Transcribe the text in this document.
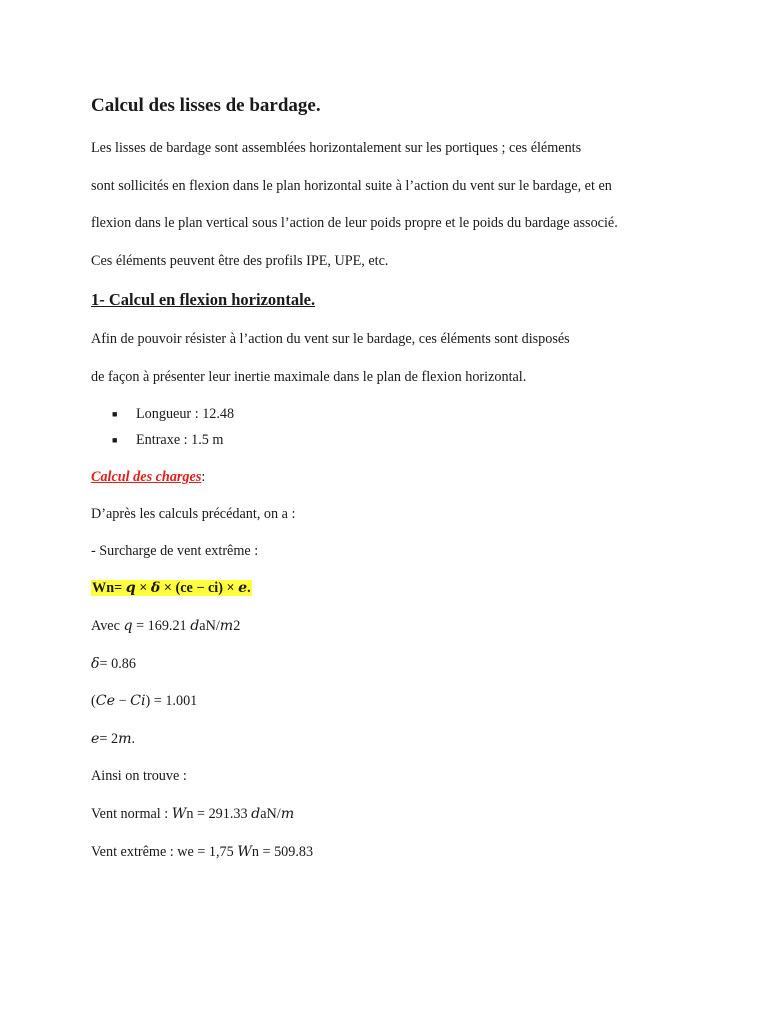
Calcul des lisses de bardage.
Les lisses de bardage sont assemblées horizontalement sur les portiques ; ces éléments
sont sollicités en flexion dans le plan horizontal suite à l’action du vent sur le bardage, et en
flexion dans le plan vertical sous l’action de leur poids propre et le poids du bardage associé.
Ces éléments peuvent être des profils IPE, UPE, etc.
1- Calcul en flexion horizontale.
Afin de pouvoir résister à l’action du vent sur le bardage, ces éléments sont disposés
de façon à présenter leur inertie maximale dans le plan de flexion horizontal.
■ Longueur : 12.48
■ Entraxe : 1.5 m
Calcul des charges:
D’après les calculs précédant, on a :
- Surcharge de vent extrême :
Wn= 𝒒 × 𝜹 × (ce − ci) × 𝒆.
Avec 𝑞 = 169.21 𝑑aN/𝑚2
𝛿= 0.86
(𝐶𝑒 − 𝐶𝑖) = 1.001
𝑒= 2𝑚.
Ainsi on trouve :
Vent normal : 𝑊n = 291.33 𝑑aN/𝑚
Vent extrême : we = 1,75 𝑊n = 509.83
